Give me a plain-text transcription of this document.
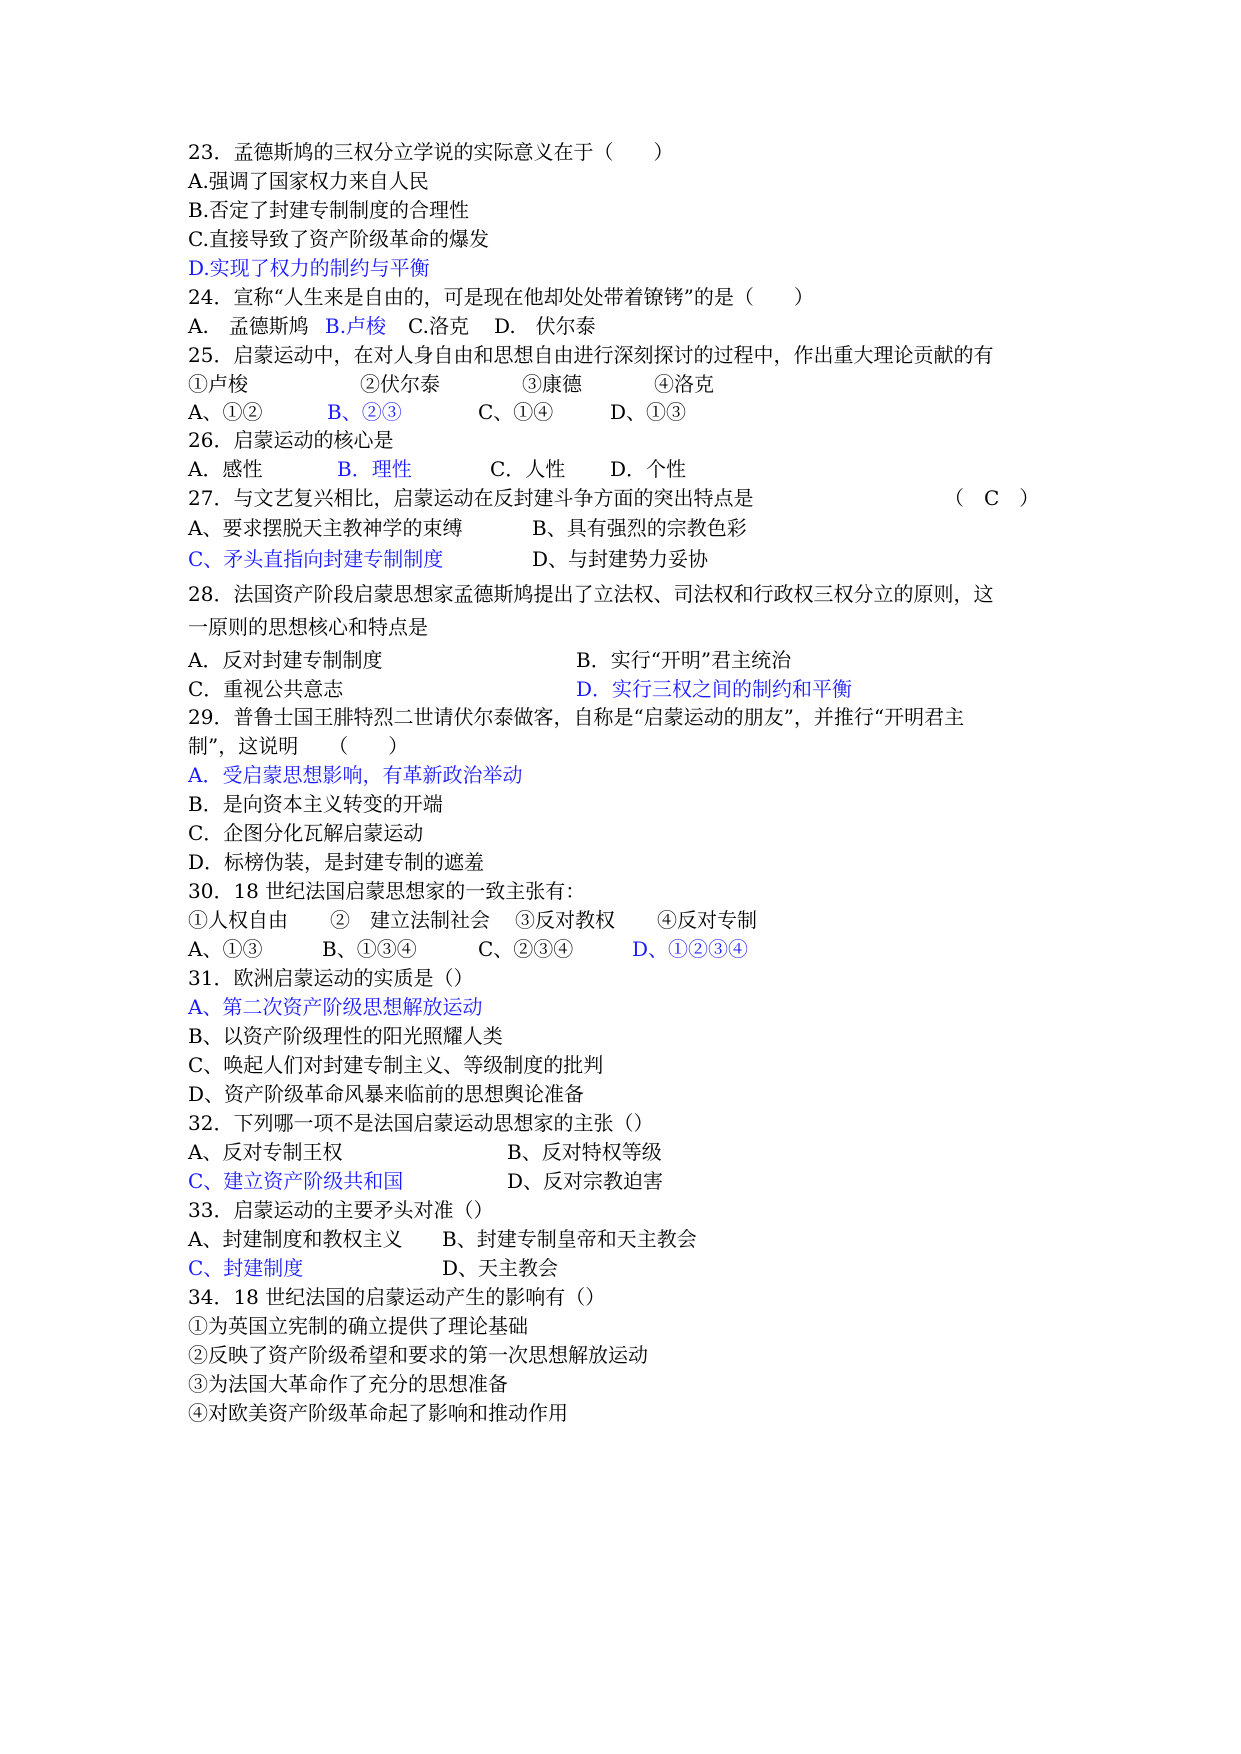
23．孟德斯鸠的三权分立学说的实际意义在于（　　）
A.强调了国家权力来自人民
B.否定了封建专制制度的合理性
C.直接导致了资产阶级革命的爆发
D.实现了权力的制约与平衡
24．宣称“人生来是自由的，可是现在他却处处带着镣铐”的是（　　）
A.　孟德斯鸠 B.卢梭 C.洛克 D.　伏尔泰
25．启蒙运动中，在对人身自由和思想自由进行深刻探讨的过程中，作出重大理论贡献的有
①卢梭	②伏尔泰	③康德	④洛克
A、①②	B、②③	C、①④	D、①③
26．启蒙运动的核心是
A．感性	B．理性	C．人性 D．个性
27．与文艺复兴相比，启蒙运动在反封建斗争方面的突出特点是	（　C　）
A、要求摆脱天主教神学的束缚	B、具有强烈的宗教色彩
C、矛头直指向封建专制制度	D、与封建势力妥协
28．法国资产阶段启蒙思想家孟德斯鸠提出了立法权、司法权和行政权三权分立的原则，这
一原则的思想核心和特点是
A．反对封建专制制度	B．实行“开明”君主统治
C．重视公共意志	D．实行三权之间的制约和平衡
29．普鲁士国王腓特烈二世请伏尔泰做客，自称是“启蒙运动的朋友”，并推行“开明君主
制”，这说明　　（　　）
A．受启蒙思想影响，有革新政治举动
B．是向资本主义转变的开端
C．企图分化瓦解启蒙运动
D．标榜伪装，是封建专制的遮羞
30．18 世纪法国启蒙思想家的一致主张有：
①人权自由 ②　建立法制社会 ③反对教权 ④反对专制
A、①③	B、①③④	C、②③④	D、①②③④
31．欧洲启蒙运动的实质是（）
A、第二次资产阶级思想解放运动
B、以资产阶级理性的阳光照耀人类
C、唤起人们对封建专制主义、等级制度的批判
D、资产阶级革命风暴来临前的思想舆论准备
32．下列哪一项不是法国启蒙运动思想家的主张（）
A、反对专制王权	B、反对特权等级
C、建立资产阶级共和国	D、反对宗教迫害
33．启蒙运动的主要矛头对准（）
A、封建制度和教权主义 B、封建专制皇帝和天主教会
C、封建制度	D、天主教会
34．18 世纪法国的启蒙运动产生的影响有（）
①为英国立宪制的确立提供了理论基础
②反映了资产阶级希望和要求的第一次思想解放运动
③为法国大革命作了充分的思想准备
④对欧美资产阶级革命起了影响和推动作用
